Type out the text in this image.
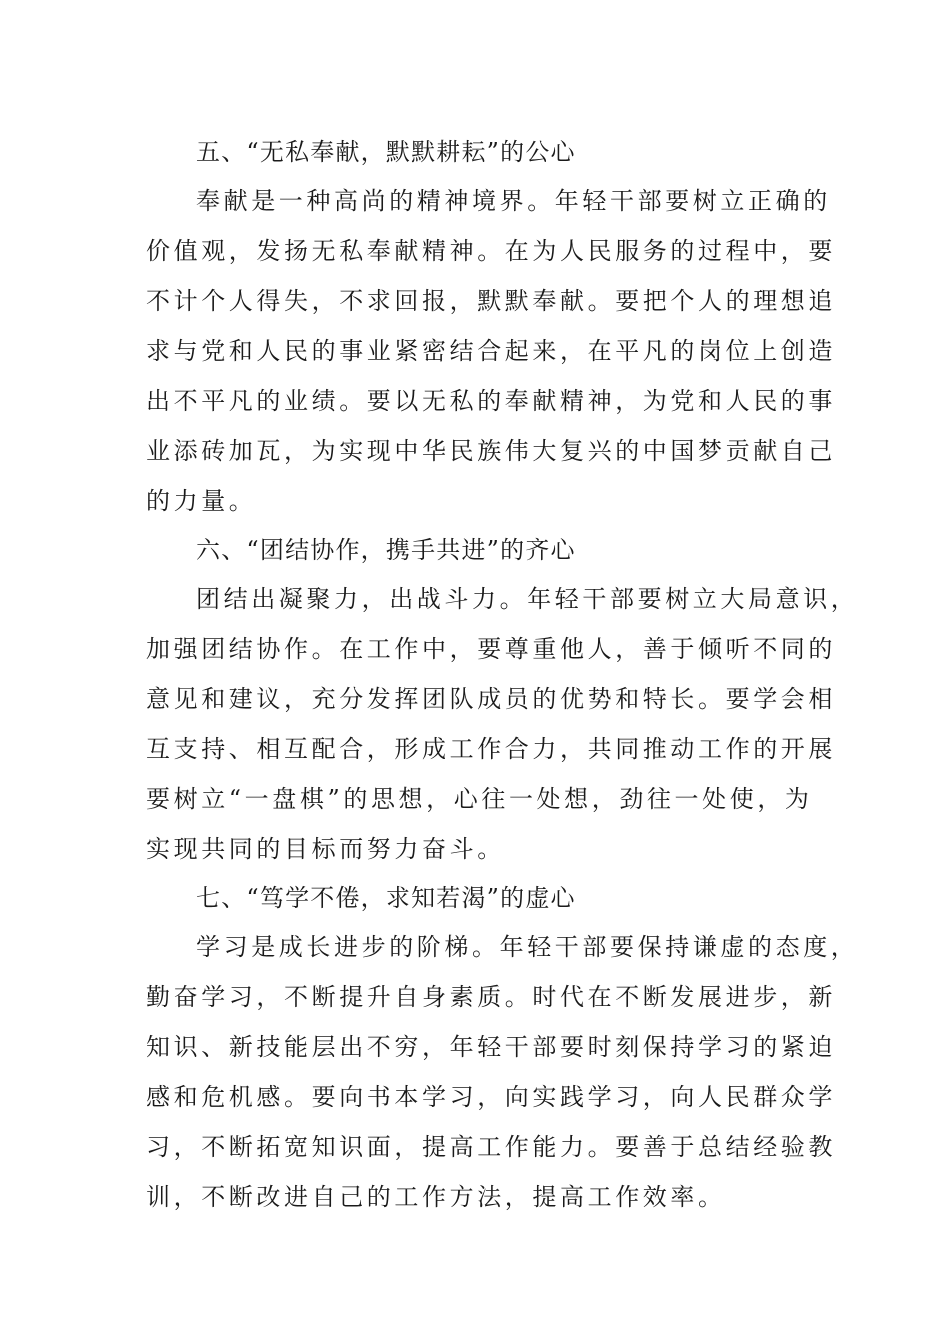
五、“无私奉献，默默耕耘”的公心
奉献是一种高尚的精神境界。年轻干部要树立正确的
价值观，发扬无私奉献精神。在为人民服务的过程中，要
不计个人得失，不求回报，默默奉献。要把个人的理想追
求与党和人民的事业紧密结合起来，在平凡的岗位上创造
出不平凡的业绩。要以无私的奉献精神，为党和人民的事
业添砖加瓦，为实现中华民族伟大复兴的中国梦贡献自己
的力量。
六、“团结协作，携手共进”的齐心
团结出凝聚力，出战斗力。年轻干部要树立大局意识，
加强团结协作。在工作中，要尊重他人，善于倾听不同的
意见和建议，充分发挥团队成员的优势和特长。要学会相
互支持、相互配合，形成工作合力，共同推动工作的开展
要树立“一盘棋”的思想，心往一处想，劲往一处使，为
实现共同的目标而努力奋斗。
七、“笃学不倦，求知若渴”的虚心
学习是成长进步的阶梯。年轻干部要保持谦虚的态度，
勤奋学习，不断提升自身素质。时代在不断发展进步，新
知识、新技能层出不穷，年轻干部要时刻保持学习的紧迫
感和危机感。要向书本学习，向实践学习，向人民群众学
习，不断拓宽知识面，提高工作能力。要善于总结经验教
训，不断改进自己的工作方法，提高工作效率。
